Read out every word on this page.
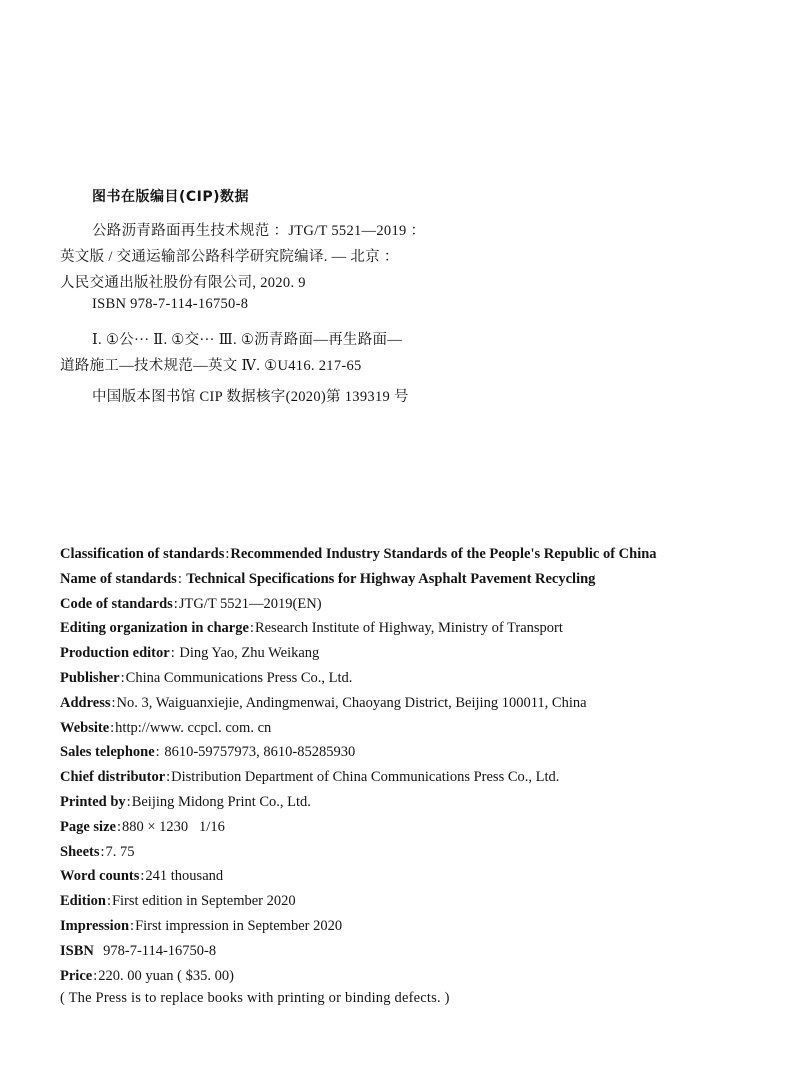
图书在版编目(CIP)数据
公路沥青路面再生技术规范 ：JTG/T 5521—2019 ：
英文版 / 交通运输部公路科学研究院编译. — 北京 ：
人民交通出版社股份有限公司, 2020. 9
ISBN 978-7-114-16750-8
Ⅰ. ①公··· Ⅱ. ①交··· Ⅲ. ①沥青路面—再生路面—
道路施工—技术规范—英文 Ⅳ. ①U416. 217-65
中国版本图书馆 CIP 数据核字(2020)第 139319 号
Classification of standards:Recommended Industry Standards of the People's Republic of China
Name of standards: Technical Specifications for Highway Asphalt Pavement Recycling
Code of standards:JTG/T 5521—2019(EN)
Editing organization in charge:Research Institute of Highway, Ministry of Transport
Production editor: Ding Yao, Zhu Weikang
Publisher:China Communications Press Co., Ltd.
Address:No. 3, Waiguanxiejie, Andingmenwai, Chaoyang District, Beijing 100011, China
Website:http://www. ccpcl. com. cn
Sales telephone: 8610-59757973, 8610-85285930
Chief distributor:Distribution Department of China Communications Press Co., Ltd.
Printed by:Beijing Midong Print Co., Ltd.
Page size:880 × 1230   1/16
Sheets:7. 75
Word counts:241 thousand
Edition:First edition in September 2020
Impression:First impression in September 2020
ISBN  978-7-114-16750-8
Price:220. 00 yuan ( $35. 00)
( The Press is to replace books with printing or binding defects. )
